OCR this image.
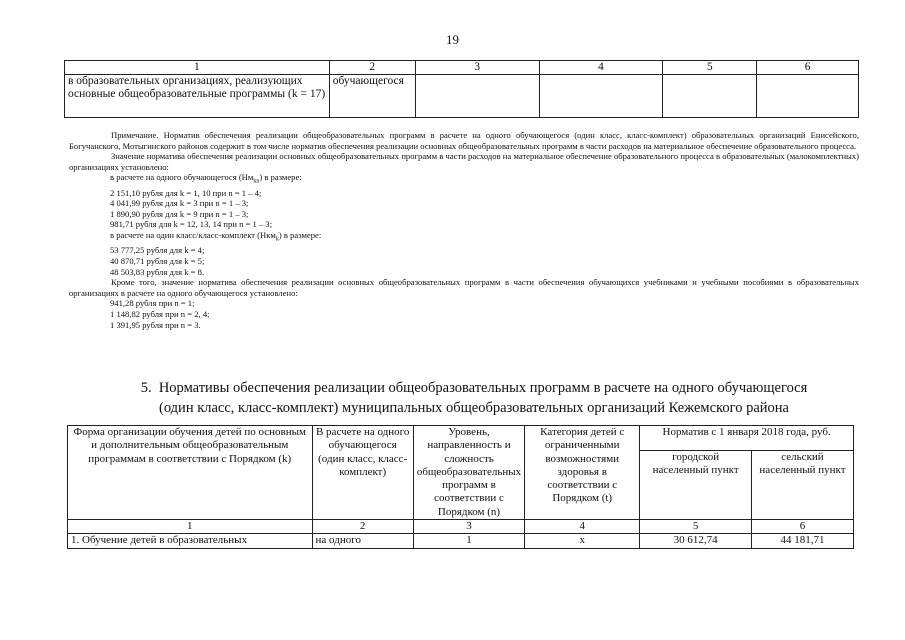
19
1	2	3	4	5	6
в образовательных организациях, реализующих основные общеобразовательные программы (k = 17)	обучающегося				

Примечание. Норматив обеспечения реализации общеобразовательных программ в расчете на одного обучающегося (один класс, класс-комплект) образовательных организаций Енисейского, Богучанского, Мотыгинского районов содержит в том числе норматив обеспечения реализации основных общеобразовательных программ в части расходов на материальное обеспечение образовательного процесса.

Значение норматива обеспечения реализации основных общеобразовательных программ в части расходов на материальное обеспечение образовательного процесса в образовательных (малокомплектных) организациях установлено:

в расчете на одного обучающегося $(Нм_{kn})$ в размере:

2 151,10 рубля для k = 1, 10 при n = 1 – 4;

4 041,99 рубля для k = 3 при n = 1 – 3;

1 890,90 рубля для k = 9 при n = 1 – 3;

981,71 рубля для k = 12, 13, 14 при n = 1 – 3;

в расчете на один класс/класс-комплект (Нкм$_k$) в размере:

53 777,25 рубля для k = 4;

40 870,71 рубля для k = 5;

48 503,83 рубля для k = 8.

Кроме того, значение норматива обеспечения реализации основных общеобразовательных программ в части обеспечения обучающихся учебниками и учебными пособиями в образовательных организациях в расчете на одного обучающегося установлено:

941,28 рубля при n = 1;

1 148,82 рубля при n = 2, 4;

1 391,95 рубля при n = 3.

5. Нормативы обеспечения реализации общеобразовательных программ в расчете на одного обучающегося
(один класс, класс-комплект) муниципальных общеобразовательных организаций Кежемского района
Форма организации обучения детей по основным и дополнительным общеобразовательным программам в соответствии с Порядком (k)	В расчете на одного обучающегося (один класс, класс-комплект)	Уровень, направленность и сложность общеобразовательных программ в соответствии с Порядком (n)	Категория детей с ограниченными возможностями здоровья в соответствии с Порядком (t)	Норматив с 1 января 2018 года, руб.	
				городской населенный пункт	сельский населенный пункт
1	2	3	4	5	6
1. Обучение детей в образовательных	на одного	1	х	30 612,74	44 181,71
